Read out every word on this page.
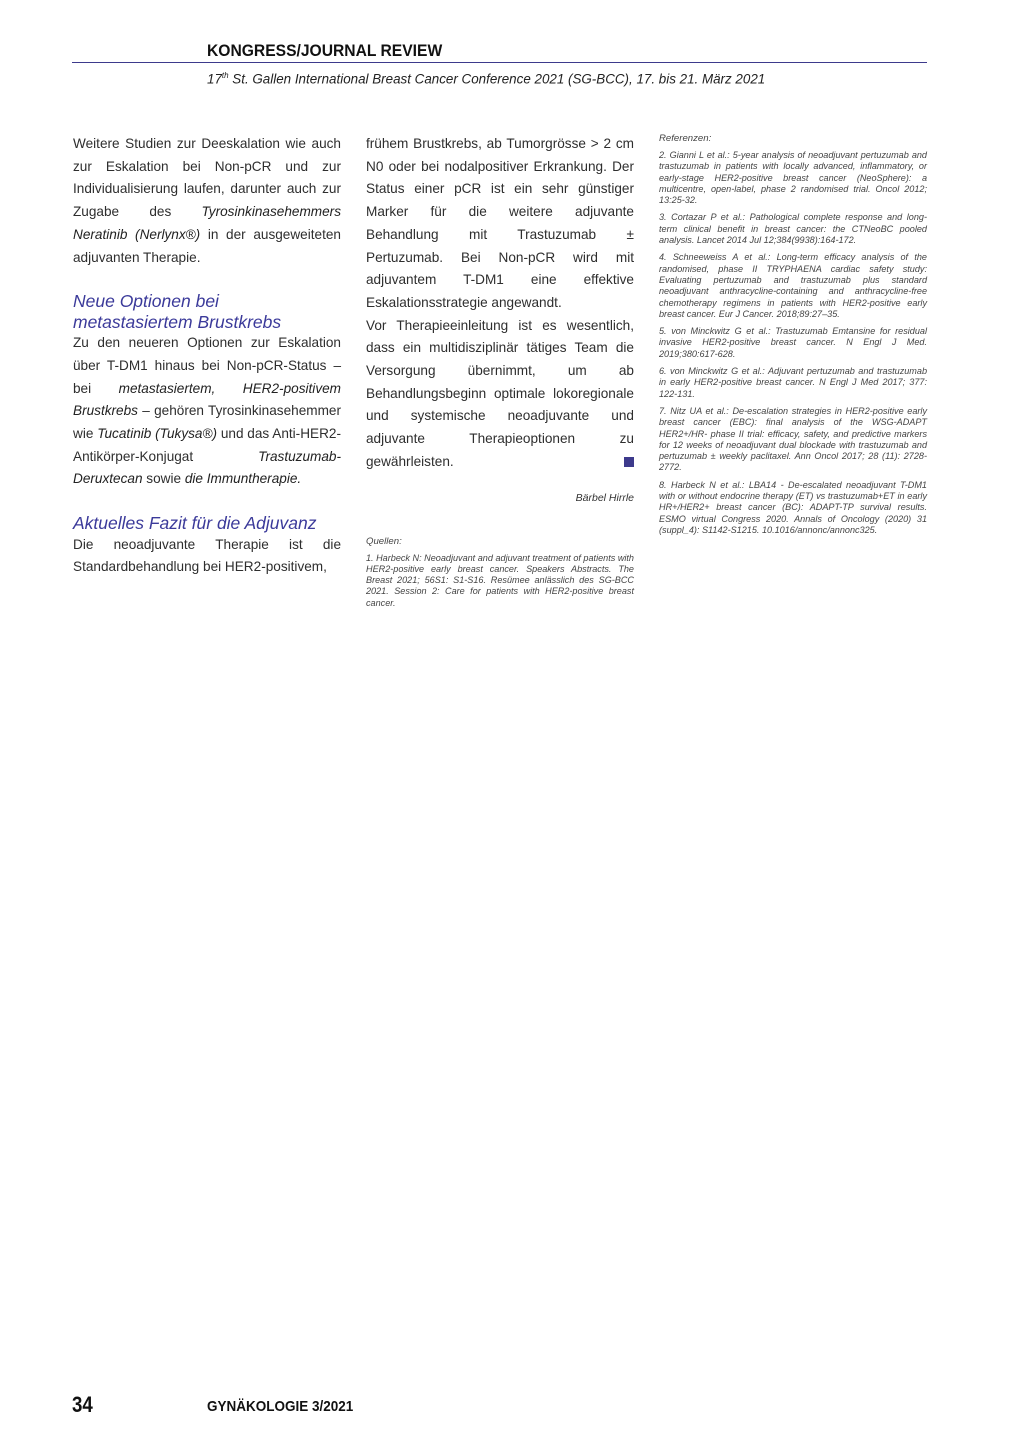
KONGRESS/JOURNAL REVIEW
17th St. Gallen International Breast Cancer Conference 2021 (SG-BCC), 17. bis 21. März 2021

Weitere Studien zur Deeskalation wie auch zur Eskalation bei Non-pCR und zur Individualisierung laufen, darunter auch zur Zugabe des Tyrosinkinasehemmers Neratinib (Nerlynx®) in der ausgeweiteten adjuvanten Therapie.

Neue Optionen bei metastasiertem Brustkrebs

Zu den neueren Optionen zur Eskalation über T-DM1 hinaus bei Non-pCR-Status – bei metastasiertem, HER2-positivem Brustkrebs – gehören Tyrosinkinasehemmer wie Tucatinib (Tukysa®) und das Anti-HER2-Antikörper-Konjugat Trastuzumab-Deruxtecan sowie die Immuntherapie.

Aktuelles Fazit für die Adjuvanz

Die neoadjuvante Therapie ist die Standardbehandlung bei HER2-positivem,

frühem Brustkrebs, ab Tumorgrösse > 2 cm N0 oder bei nodalpositiver Erkrankung. Der Status einer pCR ist ein sehr günstiger Marker für die weitere adjuvante Behandlung mit Trastuzumab ± Pertuzumab. Bei Non-pCR wird mit adjuvantem T-DM1 eine effektive Eskalationsstrategie angewandt.

Vor Therapieeinleitung ist es wesentlich, dass ein multidisziplinär tätiges Team die Versorgung übernimmt, um ab Behandlungsbeginn optimale lokoregionale und systemische neoadjuvante und adjuvante Therapieoptionen zu gewährleisten.

Bärbel Hirrle

Quellen:

1. Harbeck N: Neoadjuvant and adjuvant treatment of patients with HER2-positive early breast cancer. Speakers Abstracts. The Breast 2021; 56S1: S1-S16. Resümee anlässlich des SG-BCC 2021. Session 2: Care for patients with HER2-positive breast cancer.

Referenzen:

2. Gianni L et al.: 5-year analysis of neoadjuvant pertuzumab and trastuzumab in patients with locally advanced, inflammatory, or early-stage HER2-positive breast cancer (NeoSphere): a multicentre, open-label, phase 2 randomised trial. Oncol 2012; 13:25-32.

3. Cortazar P et al.: Pathological complete response and long-term clinical benefit in breast cancer: the CTNeoBC pooled analysis. Lancet 2014 Jul 12;384(9938):164-172.

4. Schneeweiss A et al.: Long-term efficacy analysis of the randomised, phase II TRYPHAENA cardiac safety study: Evaluating pertuzumab and trastuzumab plus standard neoadjuvant anthracycline-containing and anthracycline-free chemotherapy regimens in patients with HER2-positive early breast cancer. Eur J Cancer. 2018;89:27–35.

5. von Minckwitz G et al.: Trastuzumab Emtansine for residual invasive HER2-positive breast cancer. N Engl J Med. 2019;380:617-628.

6. von Minckwitz G et al.: Adjuvant pertuzumab and trastuzumab in early HER2-positive breast cancer. N Engl J Med 2017; 377: 122-131.

7. Nitz UA et al.: De-escalation strategies in HER2-positive early breast cancer (EBC): final analysis of the WSG-ADAPT HER2+/HR- phase II trial: efficacy, safety, and predictive markers for 12 weeks of neoadjuvant dual blockade with trastuzumab and pertuzumab ± weekly paclitaxel. Ann Oncol 2017; 28 (11): 2728-2772.

8. Harbeck N et al.: LBA14 - De-escalated neoadjuvant T-DM1 with or without endocrine therapy (ET) vs trastuzumab+ET in early HR+/HER2+ breast cancer (BC): ADAPT-TP survival results. ESMO virtual Congress 2020. Annals of Oncology (2020) 31 (suppl_4): S1142-S1215. 10.1016/annonc/annonc325.

34	GYNÄKOLOGIE 3/2021
